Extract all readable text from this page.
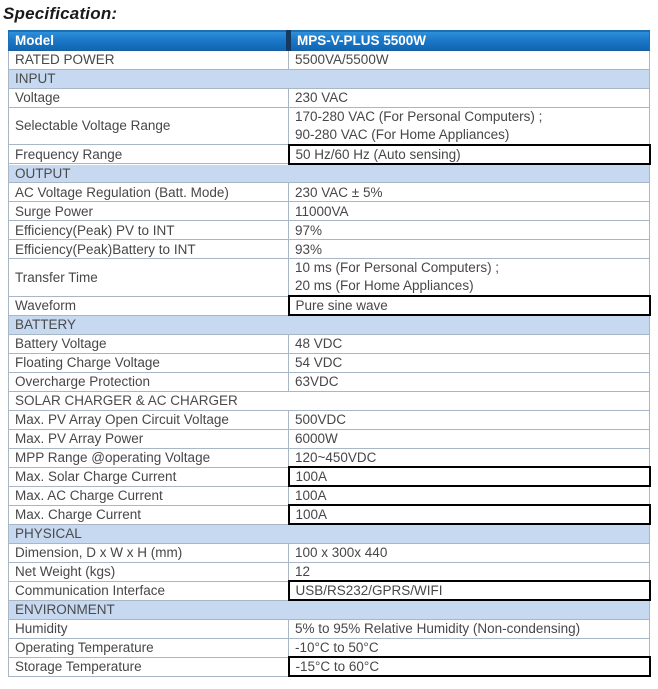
Specification:
Model	MPS-V-PLUS 5500W
RATED POWER	5500VA/5500W
INPUT	
Voltage	230 VAC
Selectable Voltage Range	170-280 VAC (For Personal Computers) ;
90-280 VAC (For Home Appliances)

Frequency Range	50 Hz/60 Hz (Auto sensing)
OUTPUT	
AC Voltage Regulation (Batt. Mode)	230 VAC ± 5%
Surge Power	11000VA
Efficiency(Peak) PV to INT	97%
Efficiency(Peak)Battery to INT	93%
Transfer Time	10 ms (For Personal Computers) ;
20 ms (For Home Appliances)

Waveform	Pure sine wave
BATTERY	
Battery Voltage	48 VDC
Floating Charge Voltage	54 VDC
Overcharge Protection	63VDC
SOLAR CHARGER & AC CHARGER	
Max. PV Array Open Circuit Voltage	500VDC
Max. PV Array Power	6000W
MPP Range @operating Voltage	120~450VDC
Max. Solar Charge Current	100A
Max. AC Charge Current	100A
Max. Charge Current	100A
PHYSICAL	
Dimension, D x W x H (mm)	100 x 300x 440
Net Weight (kgs)	12
Communication Interface	USB/RS232/GPRS/WIFI
ENVIRONMENT	
Humidity	5% to 95% Relative Humidity (Non-condensing)
Operating Temperature	-10°C to 50°C
Storage Temperature	-15°C to 60°C
